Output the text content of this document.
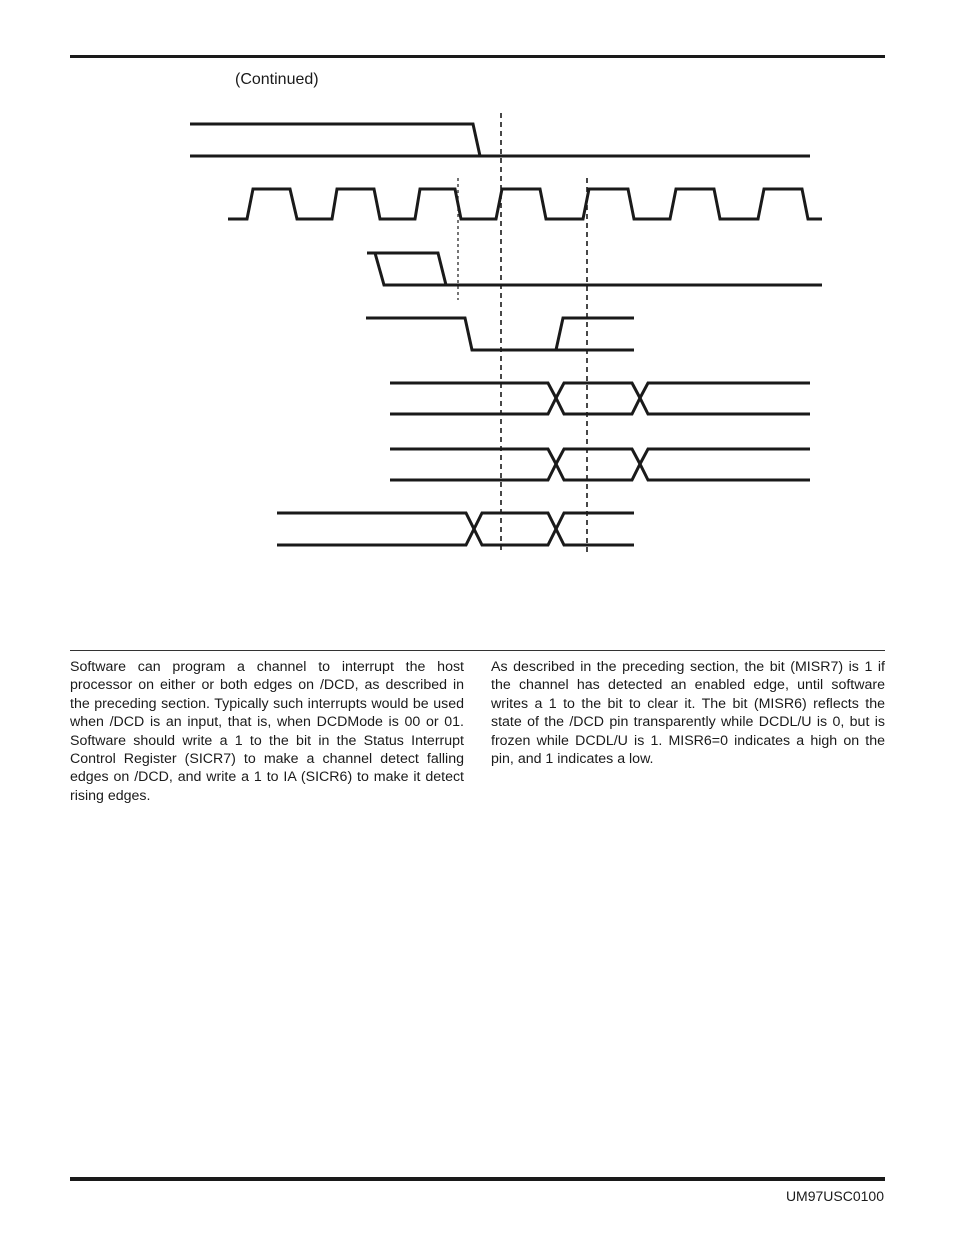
(Continued)

Software can program a channel to interrupt the host processor on either or both edges on /DCD, as described in the preceding section. Typically such interrupts would be used when /DCD is an input, that is, when DCDMode is 00 or 01. Software should write a 1 to the bit in the Status Interrupt Control Register (SICR7) to make a channel detect falling edges on /DCD, and write a 1 to IA (SICR6) to make it detect rising edges.

As described in the preceding section, the bit (MISR7) is 1 if the channel has detected an enabled edge, until software writes a 1 to the bit to clear it. The bit (MISR6) reflects the state of the /DCD pin transparently while DCDL/U is 0, but is frozen while DCDL/U is 1. MISR6=0 indicates a high on the pin, and 1 indicates a low.

UM97USC0100
